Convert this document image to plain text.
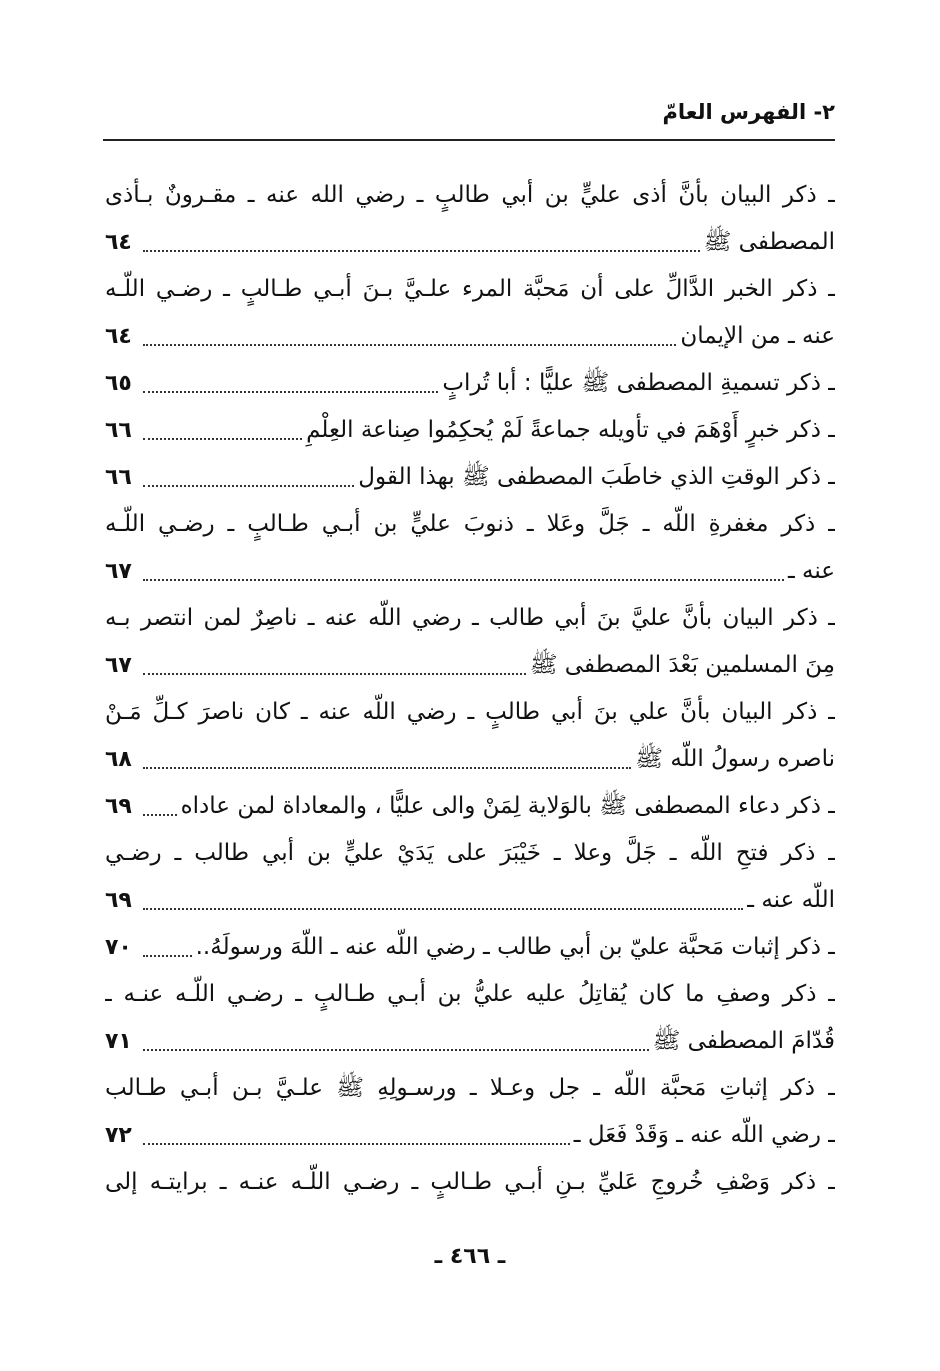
٢- الفهرس العامّ
ـ ذكر البيان بأنَّ أذى عليٍّ بن أبي طالبٍ ـ رضي الله عنه ـ مقـرونٌ بـأذى
المصطفى ﷺ
٦٤
ـ ذكر الخبر الدَّالِّ على أن مَحبَّة المرء علـيَّ بـنَ أبـي طـالبٍ ـ رضـي اللّـه
عنه ـ من الإيمان
٦٤
ـ ذكر تسميةِ المصطفى ﷺ عليًّا : أبا تُرابٍ
٦٥
ـ ذكر خبرٍ أَوْهَمَ في تأويله جماعةً لَمْ يُحكِمُوا صِناعة العِلْمِ
٦٦
ـ ذكر الوقتِ الذي خاطَبَ المصطفى ﷺ بهذا القول
٦٦
ـ ذكر مغفرةِ اللّه ـ جَلَّ وعَلا ـ ذنوبَ عليٍّ بن أبـي طـالبٍ ـ رضـي اللّـه
عنه ـ
٦٧
ـ ذكر البيان بأنَّ عليَّ بنَ أبي طالب ـ رضي اللّه عنه ـ ناصِرٌ لمن انتصر بـه
مِنَ المسلمين بَعْدَ المصطفى ﷺ
٦٧
ـ ذكر البيان بأنَّ علي بنَ أبي طالبٍ ـ رضي اللّه عنه ـ كان ناصرَ كـلِّ مَـنْ
ناصره رسولُ اللّه ﷺ
٦٨
ـ ذكر دعاء المصطفى ﷺ بالوَلاية لِمَنْ والى عليًّا ، والمعاداة لمن عاداه
٦٩
ـ ذكر فتحِ اللّه ـ جَلَّ وعلا ـ خَيْبَرَ على يَدَيْ عليٍّ بن أبي طالب ـ رضـي
اللّه عنه ـ
٦٩
ـ ذكر إثبات مَحبَّة عليّ بن أبي طالب ـ رضي اللّه عنه ـ اللّهَ ورسولَهُ..
٧٠
ـ ذكر وصفِ ما كان يُقاتِلُ عليه عليُّ بن أبـي طـالبٍ ـ رضـي اللّـه عنـه ـ
قُدّامَ المصطفى ﷺ
٧١
ـ ذكر إثباتِ مَحبَّة اللّه ـ جل وعـلا ـ ورسـولِهِ ﷺ علـيَّ بـن أبـي طـالب
ـ رضي اللّه عنه ـ وَقَدْ فَعَل ـ
٧٢
ـ ذكر وَصْفِ خُروجِ عَليِّ بـنِ أبـي طـالبٍ ـ رضـي اللّـه عنـه ـ برايتـه إلى
ـ ٤٦٦ ـ
